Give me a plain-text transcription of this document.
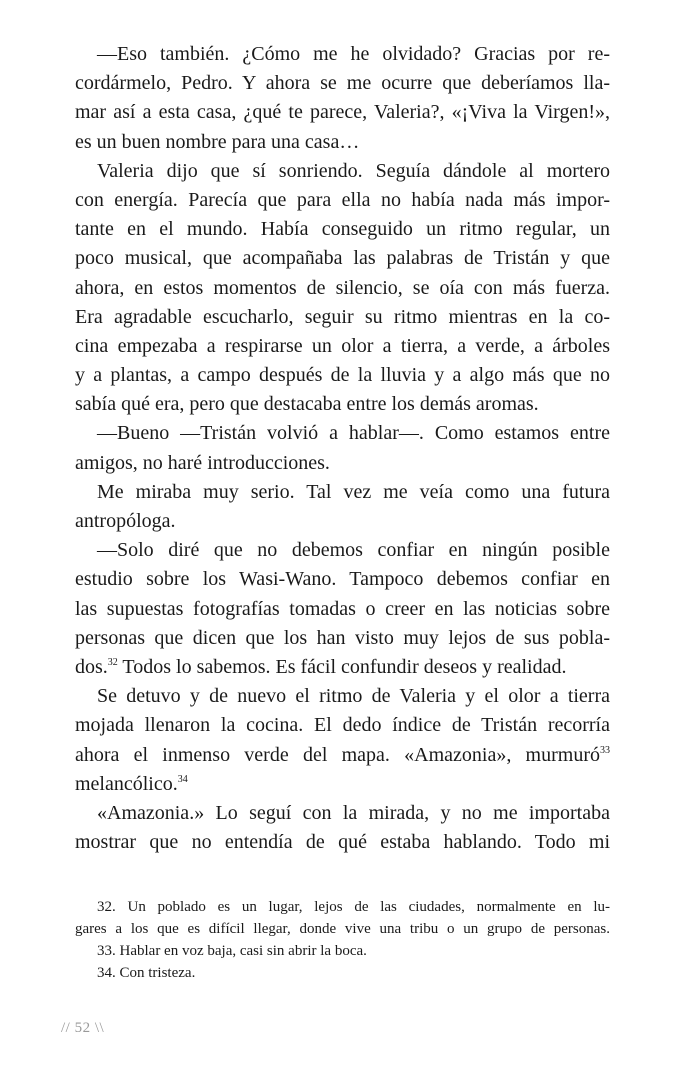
—Eso también. ¿Cómo me he olvidado? Gracias por re-
cordármelo, Pedro. Y ahora se me ocurre que deberíamos lla-
mar así a esta casa, ¿qué te parece, Valeria?, «¡Viva la Virgen!»,
es un buen nombre para una casa…
Valeria dijo que sí sonriendo. Seguía dándole al mortero
con energía. Parecía que para ella no había nada más impor-
tante en el mundo. Había conseguido un ritmo regular, un
poco musical, que acompañaba las palabras de Tristán y que
ahora, en estos momentos de silencio, se oía con más fuerza.
Era agradable escucharlo, seguir su ritmo mientras en la co-
cina empezaba a respirarse un olor a tierra, a verde, a árboles
y a plantas, a campo después de la lluvia y a algo más que no
sabía qué era, pero que destacaba entre los demás aromas.
—Bueno —Tristán volvió a hablar—. Como estamos entre
amigos, no haré introducciones.
Me miraba muy serio. Tal vez me veía como una futura
antropóloga.
—Solo diré que no debemos confiar en ningún posible
estudio sobre los Wasi-Wano. Tampoco debemos confiar en
las supuestas fotografías tomadas o creer en las noticias sobre
personas que dicen que los han visto muy lejos de sus pobla-
dos.$^{32}$ Todos lo sabemos. Es fácil confundir deseos y realidad.
Se detuvo y de nuevo el ritmo de Valeria y el olor a tierra
mojada llenaron la cocina. El dedo índice de Tristán recorría
ahora el inmenso verde del mapa. «Amazonia», murmuró$^{33}$
melancólico.$^{34}$
«Amazonia.» Lo seguí con la mirada, y no me importaba
mostrar que no entendía de qué estaba hablando. Todo mi
32. Un poblado es un lugar, lejos de las ciudades, normalmente en lu-
gares a los que es difícil llegar, donde vive una tribu o un grupo de personas.
33. Hablar en voz baja, casi sin abrir la boca.
34. Con tristeza.
// 52 \\
